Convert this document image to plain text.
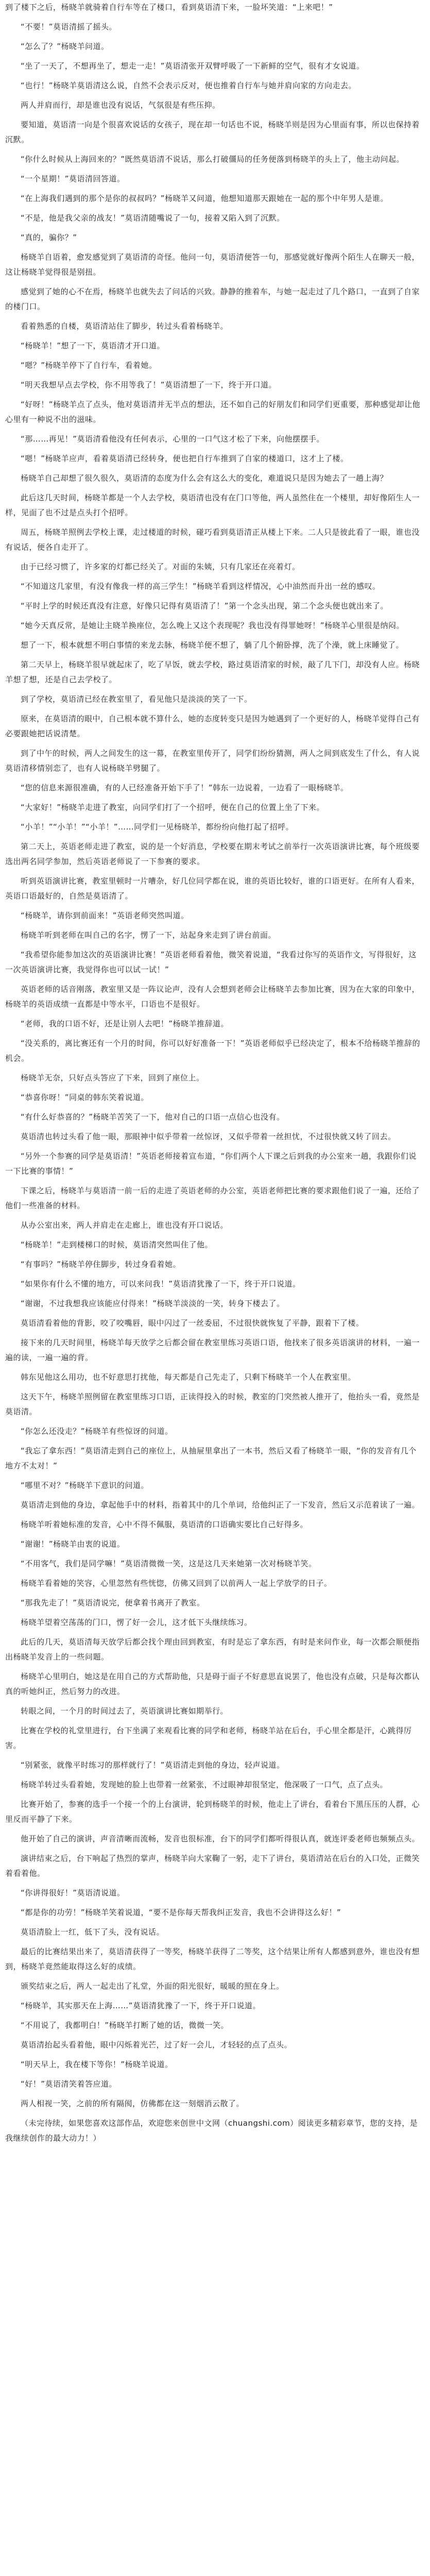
到了楼下之后，杨晓羊就骑着自行车等在了楼口，看到莫语清下来，一脸坏笑道：“上来吧！”

“不要！”莫语清摇了摇头。

“怎么了？”杨晓羊问道。

“坐了一天了，不想再坐了，想走一走！”莫语清张开双臂呼吸了一下新鲜的空气，很有才女说道。

“也行！”杨晓羊莫语清这么说，自然不会表示反对，便也推着自行车与她并肩向家的方向走去。

两人并肩而行，却是谁也没有说话，气氛很是有些压抑。

要知道，莫语清一向是个很喜欢说话的女孩子，现在却一句话也不说，杨晓羊则是因为心里面有事，所以也保持着沉默。

“你什么时候从上海回来的？”既然莫语清不说话，那么打破僵局的任务便落到杨晓羊的头上了，他主动问起。

“一个星期！”莫语清回答道。

“在上海我们遇到的那个是你的叔叔吗？”杨晓羊又问道，他想知道那天跟她在一起的那个中年男人是谁。

“不是，他是我父亲的战友！”莫语清随嘴说了一句，接着又陷入到了沉默。

“真的，骗你？”

杨晓羊自语着，愈发感觉到了莫语清的奇怪。他问一句，莫语清便答一句，那感觉就好像两个陌生人在聊天一般，这让杨晓羊觉得很是别扭。

感觉到了她的心不在焉，杨晓羊也就失去了问话的兴致。静静的推着车，与她一起走过了几个路口，一直到了自家的楼门口。

看着熟悉的自楼，莫语清站住了脚步，转过头看着杨晓羊。

“杨晓羊！”想了一下，莫语清才开口道。

“嗯？”杨晓羊停下了自行车，看着她。

“明天我想早点去学校，你不用等我了！”莫语清想了一下，终于开口道。

“好呀！”杨晓羊点了点头，他对莫语清并无半点的想法，还不如自己的好朋友们和同学们更重要，那种感觉却让他心里有一种说不出的滋味。

“那……再见！”莫语清看他没有任何表示，心里的一口气这才松了下来，向他摆摆手。

“嗯！”杨晓羊应声，看着莫语清已经转身，便也把自行车推到了自家的楼道口，这才上了楼。

杨晓羊自己却想了很久很久，莫语清的态度为什么会有这么大的变化，难道说只是因为她去了一趟上海？

此后这几天时间，杨晓羊都是一个人去学校，莫语清也没有在门口等他，两人虽然住在一个楼里，却好像陌生人一样，见面了也不过是点头打个招呼。

周五，杨晓羊照例去学校上课，走过楼道的时候，碰巧看到莫语清正从楼上下来。二人只是彼此看了一眼，谁也没有说话，便各自走开了。

由于已经习惯了，许多家的灯都已经关了。对面的朱姨，只有几家还在亮着灯。

“不知道这几家里，有没有像我一样的高三学生！”杨晓羊看到这样情况，心中油然而升出一丝的感叹。

“平时上学的时候还真没有注意，好像只记得有莫语清了！”第一个念头出现，第二个念头便也就出来了。

“她今天真反常，是她让主晓羊换座位，怎么晚上又这个表现呢？我也没有得罪她呀！”杨晓羊心里很是纳闷。

想了一下，根本就想不明白事情的来龙去脉，杨晓羊便不想了，躺了几个俯卧撑，洗了个澡，就上床睡觉了。

第二天早上，杨晓羊很早就起床了，吃了早饭，就去学校，路过莫语清家的时候，敲了几下门，却没有人应。杨晓羊想了想，还是自己去学校了。

到了学校，莫语清已经在教室里了，看见他只是淡淡的笑了一下。

原来，在莫语清的眼中，自己根本就不算什么，她的态度转变只是因为她遇到了一个更好的人，杨晓羊觉得自己有必要跟她把话说清楚。

到了中午的时候，两人之间发生的这一幕，在教室里传开了，同学们纷纷猜测，两人之间到底发生了什么，有人说莫语清移情别恋了，也有人说杨晓羊劈腿了。

“您的信息来源很准确，有的人已经准备开始下手了！”韩东一边说着，一边看了一眼杨晓羊。

“大家好！”杨晓羊走进了教室，向同学们打了一个招呼，便在自己的位置上坐了下来。

“小羊！”“小羊！”“小羊！”……同学们一见杨晓羊，都纷纷向他打起了招呼。

第二天上，英语老师走进了教室，说的是一个好消息，学校要在期末考试之前举行一次英语演讲比赛，每个班级要选出两名同学参加，然后英语老师说了一下参赛的要求。

听到英语演讲比赛，教室里顿时一片嘈杂，好几位同学都在说，谁的英语比较好，谁的口语更好。在所有人看来，英语口语最好的，自然是莫语清了。

“杨晓羊，请你到前面来！”英语老师突然叫道。

杨晓羊听到老师在叫自己的名字，愣了一下，站起身来走到了讲台前面。

“我希望你能参加这次的英语演讲比赛！”英语老师看着他，微笑着说道，“我看过你写的英语作文，写得很好，这一次英语演讲比赛，我觉得你也可以试一试！”

英语老师的话音刚落，教室里又是一阵议论声，没有人会想到老师会让杨晓羊去参加比赛，因为在大家的印象中，杨晓羊的英语成绩一直都是中等水平，口语也不是很好。

“老师，我的口语不好，还是让别人去吧！”杨晓羊推辞道。

“没关系的，离比赛还有一个月的时间，你可以好好准备一下！”英语老师似乎已经决定了，根本不给杨晓羊推辞的机会。

杨晓羊无奈，只好点头答应了下来，回到了座位上。

“恭喜你呀！”同桌的韩东笑着说道。

“有什么好恭喜的？”杨晓羊苦笑了一下，他对自己的口语一点信心也没有。

莫语清也转过头看了他一眼，那眼神中似乎带着一丝惊讶，又似乎带着一丝担忧，不过很快就又转了回去。

“另外一个参赛的同学是莫语清！”英语老师接着宣布道，“你们两个人下课之后到我的办公室来一趟，我跟你们说一下比赛的事情！”

下课之后，杨晓羊与莫语清一前一后的走进了英语老师的办公室，英语老师把比赛的要求跟他们说了一遍，还给了他们一些准备的材料。

从办公室出来，两人并肩走在走廊上，谁也没有开口说话。

“杨晓羊！”走到楼梯口的时候，莫语清突然叫住了他。

“有事吗？”杨晓羊停住脚步，转过身看着她。

“如果你有什么不懂的地方，可以来问我！”莫语清犹豫了一下，终于开口说道。

“谢谢，不过我想我应该能应付得来！”杨晓羊淡淡的一笑，转身下楼去了。

莫语清看着他的背影，咬了咬嘴唇，眼中闪过了一丝委屈，不过很快就恢复了平静，跟着下了楼。

接下来的几天时间里，杨晓羊每天放学之后都会留在教室里练习英语口语，他找来了很多英语演讲的材料，一遍一遍的读，一遍一遍的背。

韩东见他这么用功，也不好意思打扰他，每天都是自己先走了，只剩下杨晓羊一个人在教室里。

这天下午，杨晓羊照例留在教室里练习口语，正读得投入的时候，教室的门突然被人推开了，他抬头一看，竟然是莫语清。

“你怎么还没走？”杨晓羊有些惊讶的问道。

“我忘了拿东西！”莫语清走到自己的座位上，从抽屉里拿出了一本书，然后又看了杨晓羊一眼，“你的发音有几个地方不太对！”

“哪里不对？”杨晓羊下意识的问道。

莫语清走到他的身边，拿起他手中的材料，指着其中的几个单词，给他纠正了一下发音，然后又示范着读了一遍。

杨晓羊听着她标准的发音，心中不得不佩服，莫语清的口语确实要比自己好得多。

“谢谢！”杨晓羊由衷的说道。

“不用客气，我们是同学嘛！”莫语清微微一笑，这是这几天来她第一次对杨晓羊笑。

杨晓羊看着她的笑容，心里忽然有些恍惚，仿佛又回到了以前两人一起上学放学的日子。

“那我先走了！”莫语清说完，便拿着书离开了教室。

杨晓羊望着空荡荡的门口，愣了好一会儿，这才低下头继续练习。

此后的几天，莫语清每天放学后都会找个理由回到教室，有时是忘了拿东西，有时是来问作业，每一次都会顺便指出杨晓羊发音上的一些问题。

杨晓羊心里明白，她这是在用自己的方式帮助他，只是碍于面子不好意思直说罢了，他也没有点破，只是每次都认真的听她纠正，然后努力的改进。

转眼之间，一个月的时间过去了，英语演讲比赛如期举行。

比赛在学校的礼堂里进行，台下坐满了来观看比赛的同学和老师，杨晓羊站在后台，手心里全都是汗，心跳得厉害。

“别紧张，就像平时练习的那样就行了！”莫语清走到他的身边，轻声说道。

杨晓羊转过头看着她，发现她的脸上也带着一丝紧张，不过眼神却很坚定，他深吸了一口气，点了点头。

比赛开始了，参赛的选手一个接一个的上台演讲，轮到杨晓羊的时候，他走上了讲台，看着台下黑压压的人群，心里反而平静了下来。

他开始了自己的演讲，声音清晰而流畅，发音也很标准，台下的同学们都听得很认真，就连评委老师也频频点头。

演讲结束之后，台下响起了热烈的掌声，杨晓羊向大家鞠了一躬，走下了讲台，莫语清站在后台的入口处，正微笑着看着他。

“你讲得很好！”莫语清说道。

“都是你的功劳！”杨晓羊笑着说道，“要不是你每天帮我纠正发音，我也不会讲得这么好！”

莫语清脸上一红，低下了头，没有说话。

最后的比赛结果出来了，莫语清获得了一等奖，杨晓羊获得了二等奖，这个结果让所有人都感到意外，谁也没有想到，杨晓羊竟然能取得这么好的成绩。

颁奖结束之后，两人一起走出了礼堂，外面的阳光很好，暖暖的照在身上。

“杨晓羊，其实那天在上海……”莫语清犹豫了一下，终于开口说道。

“不用说了，我都明白！”杨晓羊打断了她的话，微微一笑。

莫语清抬起头看着他，眼中闪烁着光芒，过了好一会儿，才轻轻的点了点头。

“明天早上，我在楼下等你！”杨晓羊说道。

“好！”莫语清笑着答应道。

两人相视一笑，之前的所有隔阂，仿佛都在这一刻烟消云散了。

（未完待续，如果您喜欢这部作品，欢迎您来创世中文网（chuangshi.com）阅读更多精彩章节，您的支持，是我继续创作的最大动力！）
